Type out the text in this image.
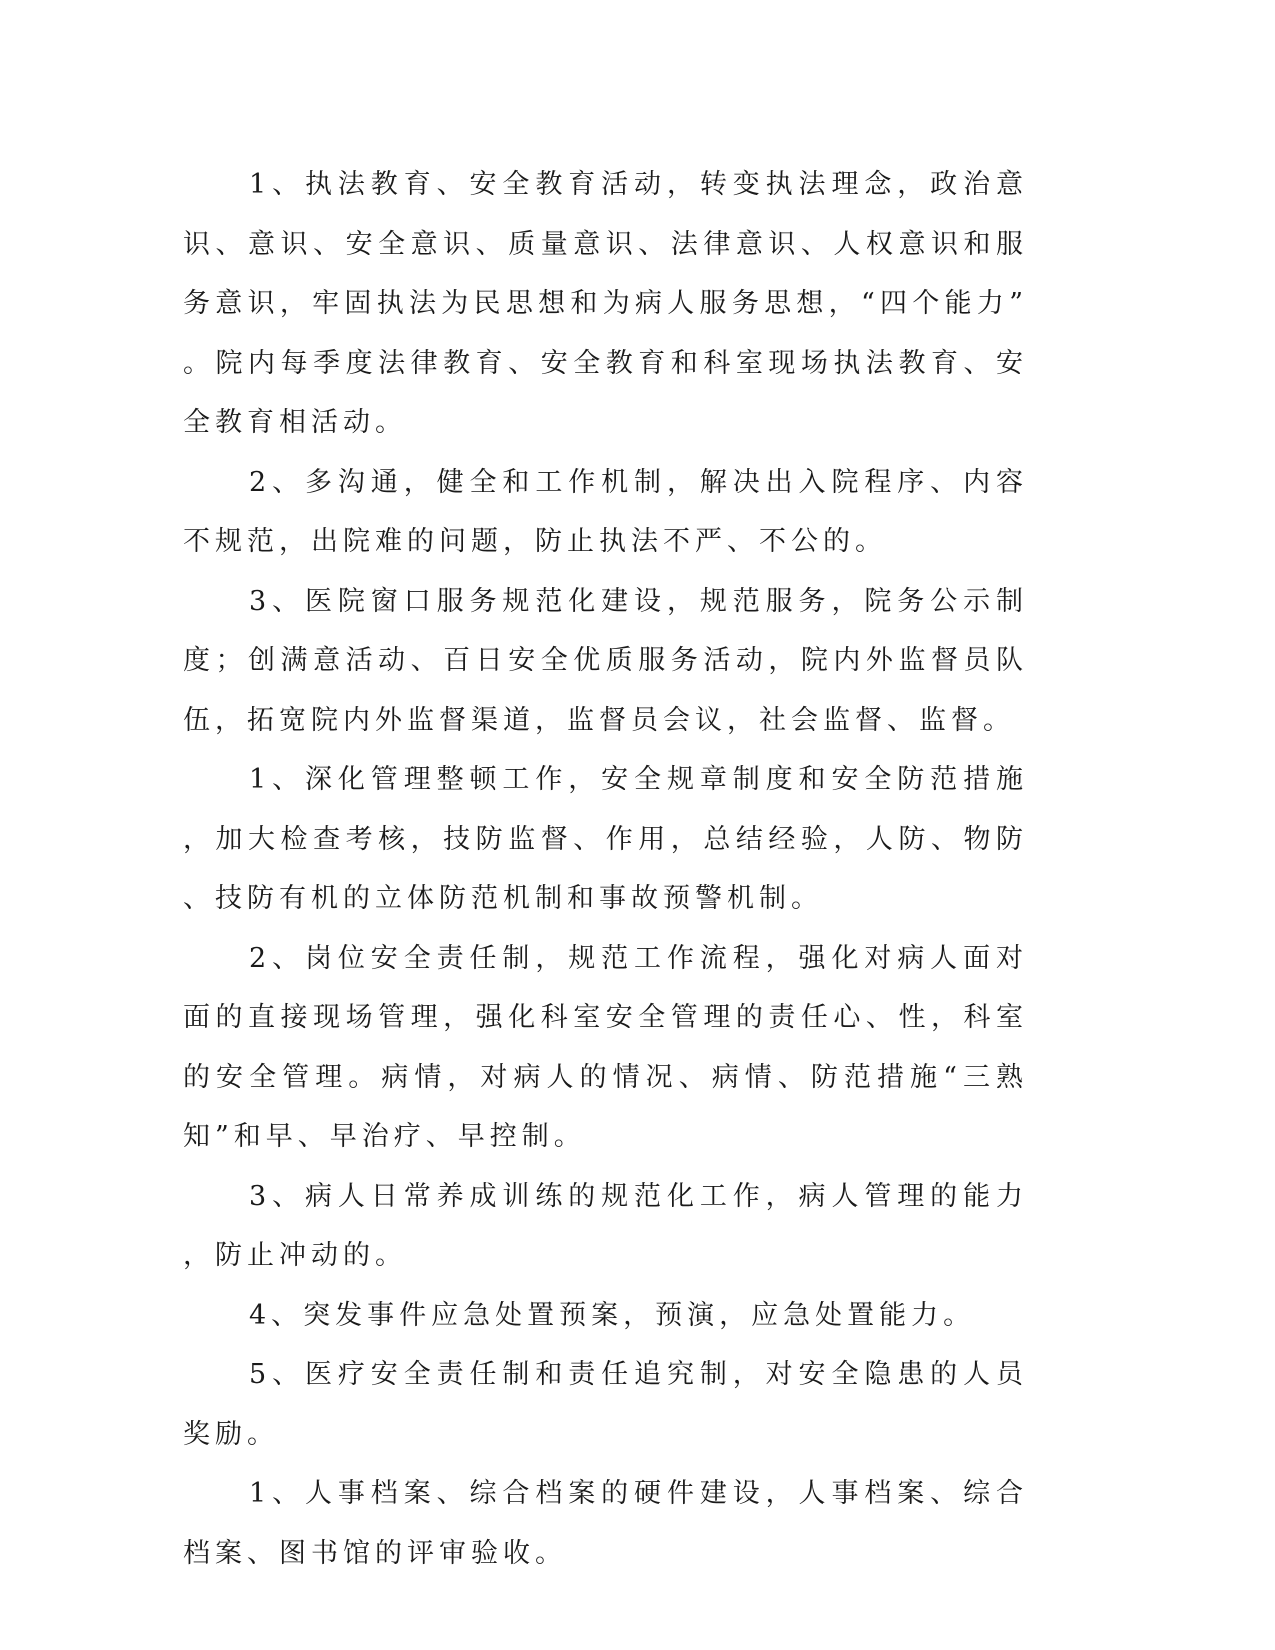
1、执法教育、安全教育活动，转变执法理念，政治意识、意识、安全意识、质量意识、法律意识、人权意识和服务意识，牢固执法为民思想和为病人服务思想，“四个能力”。院内每季度法律教育、安全教育和科室现场执法教育、安全教育相活动。

2、多沟通，健全和工作机制，解决出入院程序、内容不规范，出院难的问题，防止执法不严、不公的。

3、医院窗口服务规范化建设，规范服务，院务公示制度；创满意活动、百日安全优质服务活动，院内外监督员队伍，拓宽院内外监督渠道，监督员会议，社会监督、监督。

1、深化管理整顿工作，安全规章制度和安全防范措施，加大检查考核，技防监督、作用，总结经验，人防、物防、技防有机的立体防范机制和事故预警机制。

2、岗位安全责任制，规范工作流程，强化对病人面对面的直接现场管理，强化科室安全管理的责任心、性，科室的安全管理。病情，对病人的情况、病情、防范措施“三熟知”和早、早治疗、早控制。

3、病人日常养成训练的规范化工作，病人管理的能力，防止冲动的。

4、突发事件应急处置预案，预演，应急处置能力。

5、医疗安全责任制和责任追究制，对安全隐患的人员奖励。

1、人事档案、综合档案的硬件建设，人事档案、综合档案、图书馆的评审验收。
